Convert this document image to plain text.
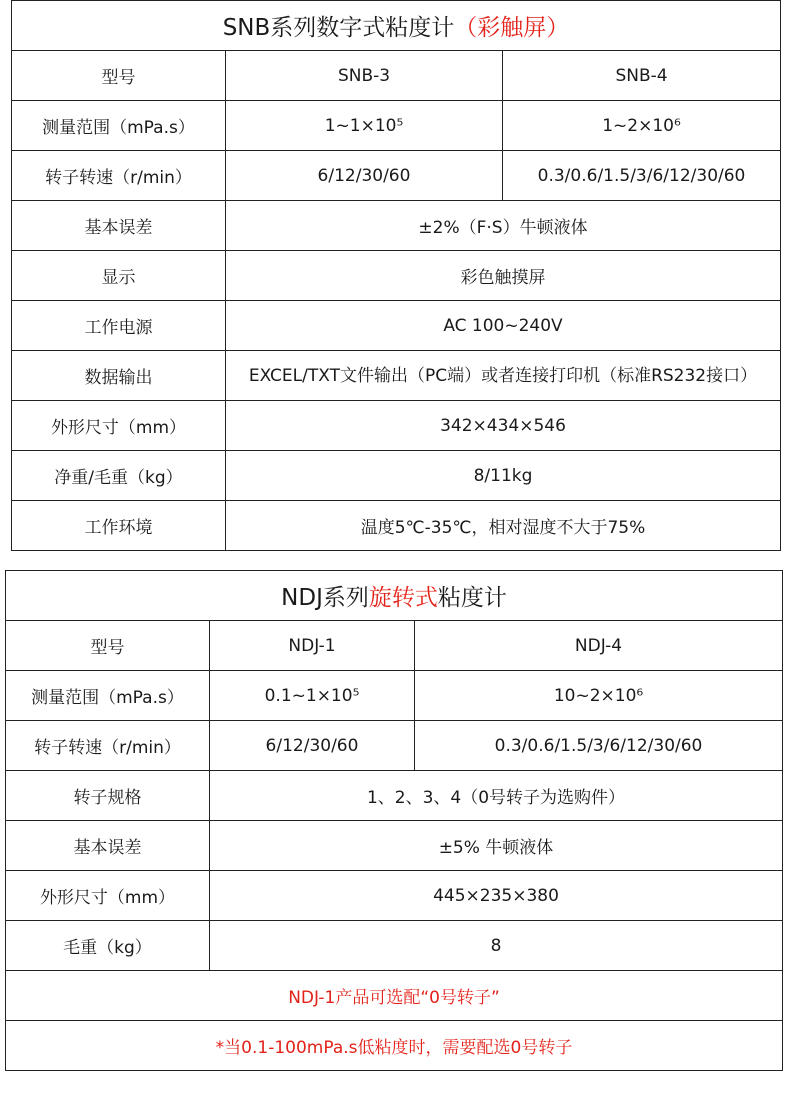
SNB系列数字式粘度计（彩触屏）		
型号	SNB-3	SNB-4
测量范围（mPa.s）	1~1×10⁵	1~2×10⁶
转子转速（r/min）	6/12/30/60	0.3/0.6/1.5/3/6/12/30/60
基本误差	±2%（F·S）牛顿液体	
显示	彩色触摸屏	
工作电源	AC 100~240V	
数据输出	EXCEL/TXT文件输出（PC端）或者连接打印机（标准RS232接口）	
外形尺寸（mm）	342×434×546	
净重/毛重（kg）	8/11kg	
工作环境	温度5℃-35℃，相对湿度不大于75%	
NDJ系列旋转式粘度计		
型号	NDJ-1	NDJ-4
测量范围（mPa.s）	0.1~1×10⁵	10~2×10⁶
转子转速（r/min）	6/12/30/60	0.3/0.6/1.5/3/6/12/30/60
转子规格	1、2、3、4（0号转子为选购件）	
基本误差	±5% 牛顿液体	
外形尺寸（mm）	445×235×380	
毛重（kg）	8	
NDJ-1产品可选配“0号转子”		
*当0.1-100mPa.s低粘度时，需要配选0号转子		
